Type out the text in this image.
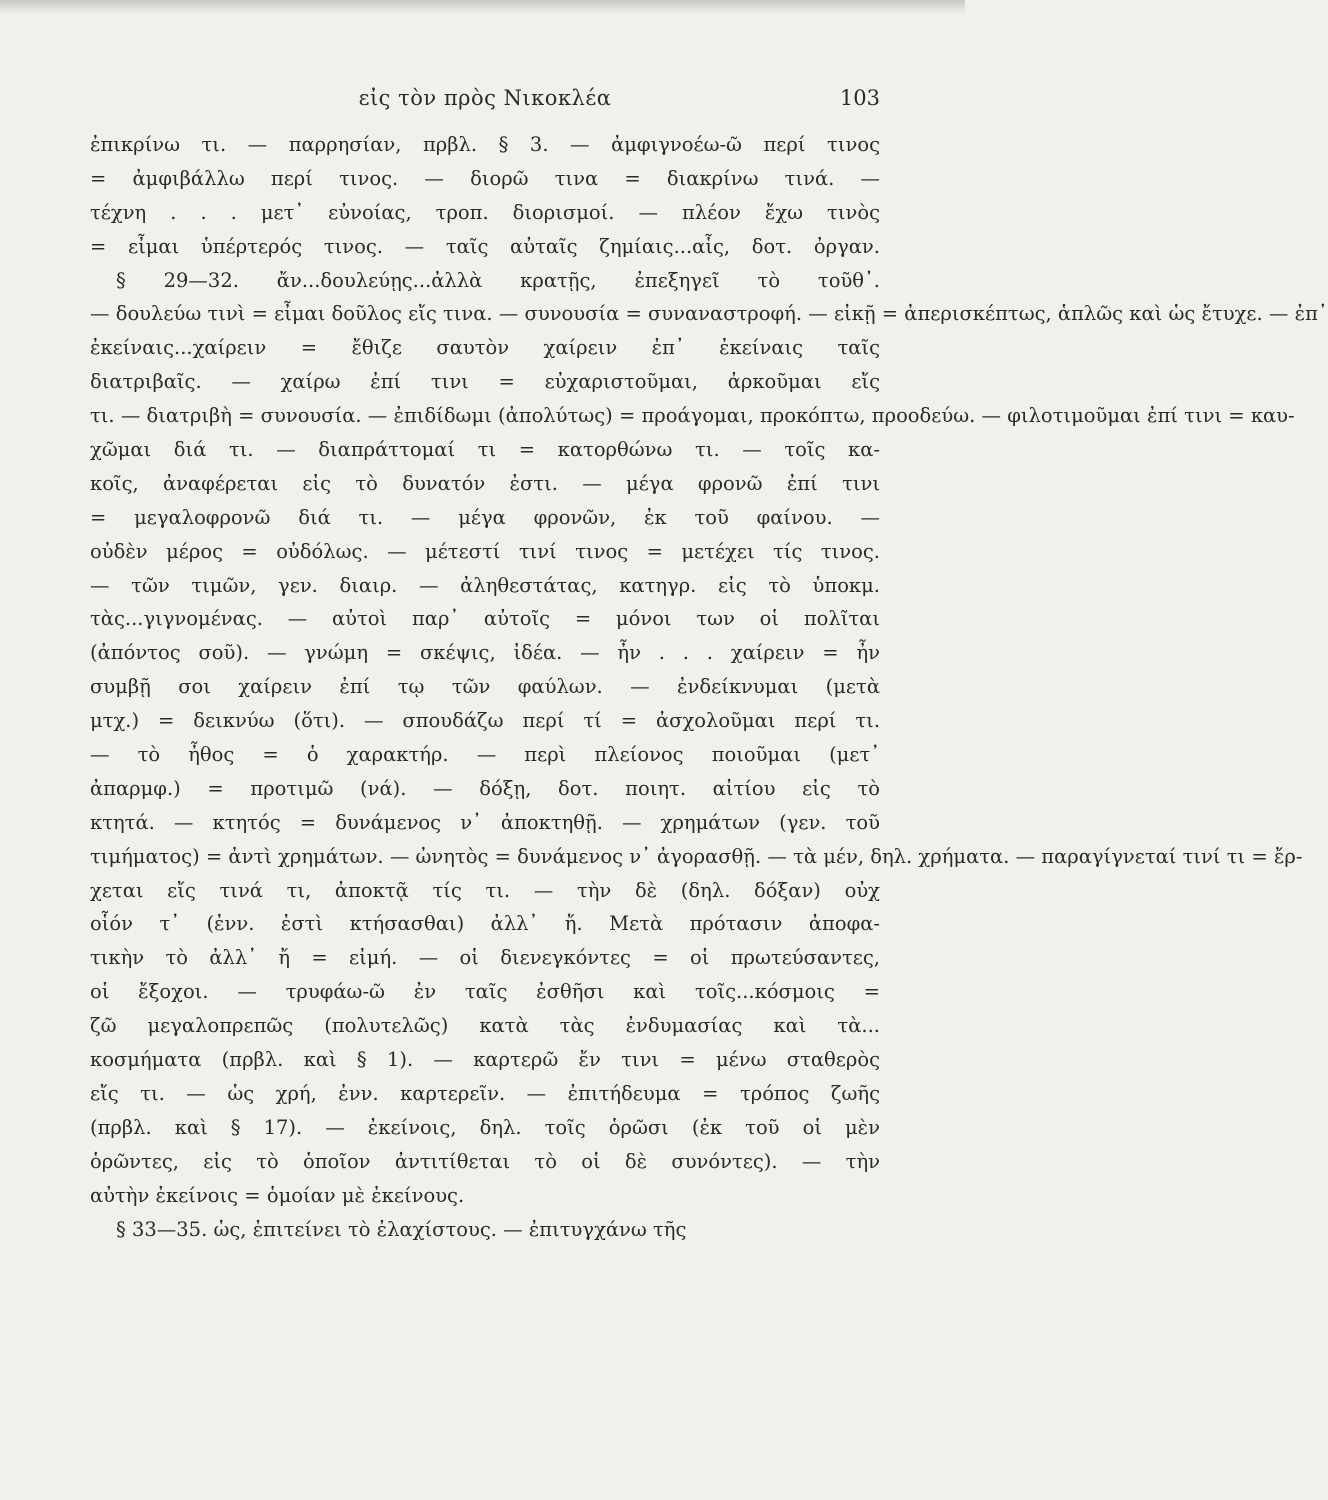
εἰς τὸν πρὸς Νικοκλέα	103
ἐπικρίνω τι. — παρρησίαν, πρβλ. § 3. — ἀμφιγνοέω-ῶ περί τινος
= ἀμφιβάλλω περί τινος. — διορῶ τινα = διακρίνω τινά. —
τέχνη . . . μετ᾽ εὐνοίας, τροπ. διορισμοί. — πλέον ἔχω τινὸς
= εἶμαι ὑπέρτερός τινος. — ταῖς αὐταῖς ζημίαις...αἷς, δοτ. ὀργαν.
§ 29—32. ἄν...δουλεύῃς...ἀλλὰ κρατῇς, ἐπεξηγεῖ τὸ τοῦθ᾽.
— δουλεύω τινὶ = εἶμαι δοῦλος εἴς τινα. — συνουσία = συναναστροφή. — εἰκῇ = ἀπερισκέπτως, ἁπλῶς καὶ ὡς ἔτυχε. — ἐπ᾽
ἐκείναις...χαίρειν = ἔθιζε σαυτὸν χαίρειν ἐπ᾽ ἐκείναις ταῖς
διατριβαῖς. — χαίρω ἐπί τινι = εὐχαριστοῦμαι, ἀρκοῦμαι εἴς
τι. — διατριβὴ = συνουσία. — ἐπιδίδωμι (ἀπολύτως) = προάγομαι, προκόπτω, προοδεύω. — φιλοτιμοῦμαι ἐπί τινι = καυ-
χῶμαι διά τι. — διαπράττομαί τι = κατορθώνω τι. — τοῖς κα-
κοῖς, ἀναφέρεται εἰς τὸ δυνατόν ἐστι. — μέγα φρονῶ ἐπί τινι
= μεγαλοφρονῶ διά τι. — μέγα φρονῶν, ἐκ τοῦ φαίνου. —
οὐδὲν μέρος = οὐδόλως. — μέτεστί τινί τινος = μετέχει τίς τινος.
— τῶν τιμῶν, γεν. διαιρ. — ἀληθεστάτας, κατηγρ. εἰς τὸ ὑποκμ.
τὰς...γιγνομένας. — αὐτοὶ παρ᾽ αὐτοῖς = μόνοι των οἱ πολῖται
(ἀπόντος σοῦ). — γνώμη = σκέψις, ἰδέα. — ἦν . . . χαίρειν = ἦν
συμβῇ σοι χαίρειν ἐπί τῳ τῶν φαύλων. — ἐνδείκνυμαι (μετὰ
μτχ.) = δεικνύω (ὅτι). — σπουδάζω περί τί = ἀσχολοῦμαι περί τι.
— τὸ ἦθος = ὁ χαρακτήρ. — περὶ πλείονος ποιοῦμαι (μετ᾽
ἀπαρμφ.) = προτιμῶ (νά). — δόξῃ, δοτ. ποιητ. αἰτίου εἰς τὸ
κτητά. — κτητός = δυνάμενος ν᾽ ἀποκτηθῇ. — χρημάτων (γεν. τοῦ
τιμήματος) = ἀντὶ χρημάτων. — ὠνητὸς = δυνάμενος ν᾽ ἀγορασθῇ. — τὰ μέν, δηλ. χρήματα. — παραγίγνεταί τινί τι = ἔρ-
χεται εἴς τινά τι, ἀποκτᾷ τίς τι. — τὴν δὲ (δηλ. δόξαν) οὐχ
οἷόν τ᾽ (ἐνν. ἐστὶ κτήσασθαι) ἀλλ᾽ ἤ. Μετὰ πρότασιν ἀποφα-
τικὴν τὸ ἀλλ᾽ ἤ = εἰμή. — οἱ διενεγκόντες = οἱ πρωτεύσαντες,
οἱ ἔξοχοι. — τρυφάω-ῶ ἐν ταῖς ἐσθῆσι καὶ τοῖς...κόσμοις =
ζῶ μεγαλοπρεπῶς (πολυτελῶς) κατὰ τὰς ἐνδυμασίας καὶ τὰ...
κοσμήματα (πρβλ. καὶ § 1). — καρτερῶ ἔν τινι = μένω σταθερὸς
εἴς τι. — ὡς χρή, ἐνν. καρτερεῖν. — ἐπιτήδευμα = τρόπος ζωῆς
(πρβλ. καὶ § 17). — ἐκείνοις, δηλ. τοῖς ὁρῶσι (ἐκ τοῦ οἱ μὲν
ὁρῶντες, εἰς τὸ ὁποῖον ἀντιτίθεται τὸ οἱ δὲ συνόντες). — τὴν
αὐτὴν ἐκείνοις = ὁμοίαν μὲ ἐκείνους.
§ 33—35. ὡς, ἐπιτείνει τὸ ἐλαχίστους. — ἐπιτυγχάνω τῆς
